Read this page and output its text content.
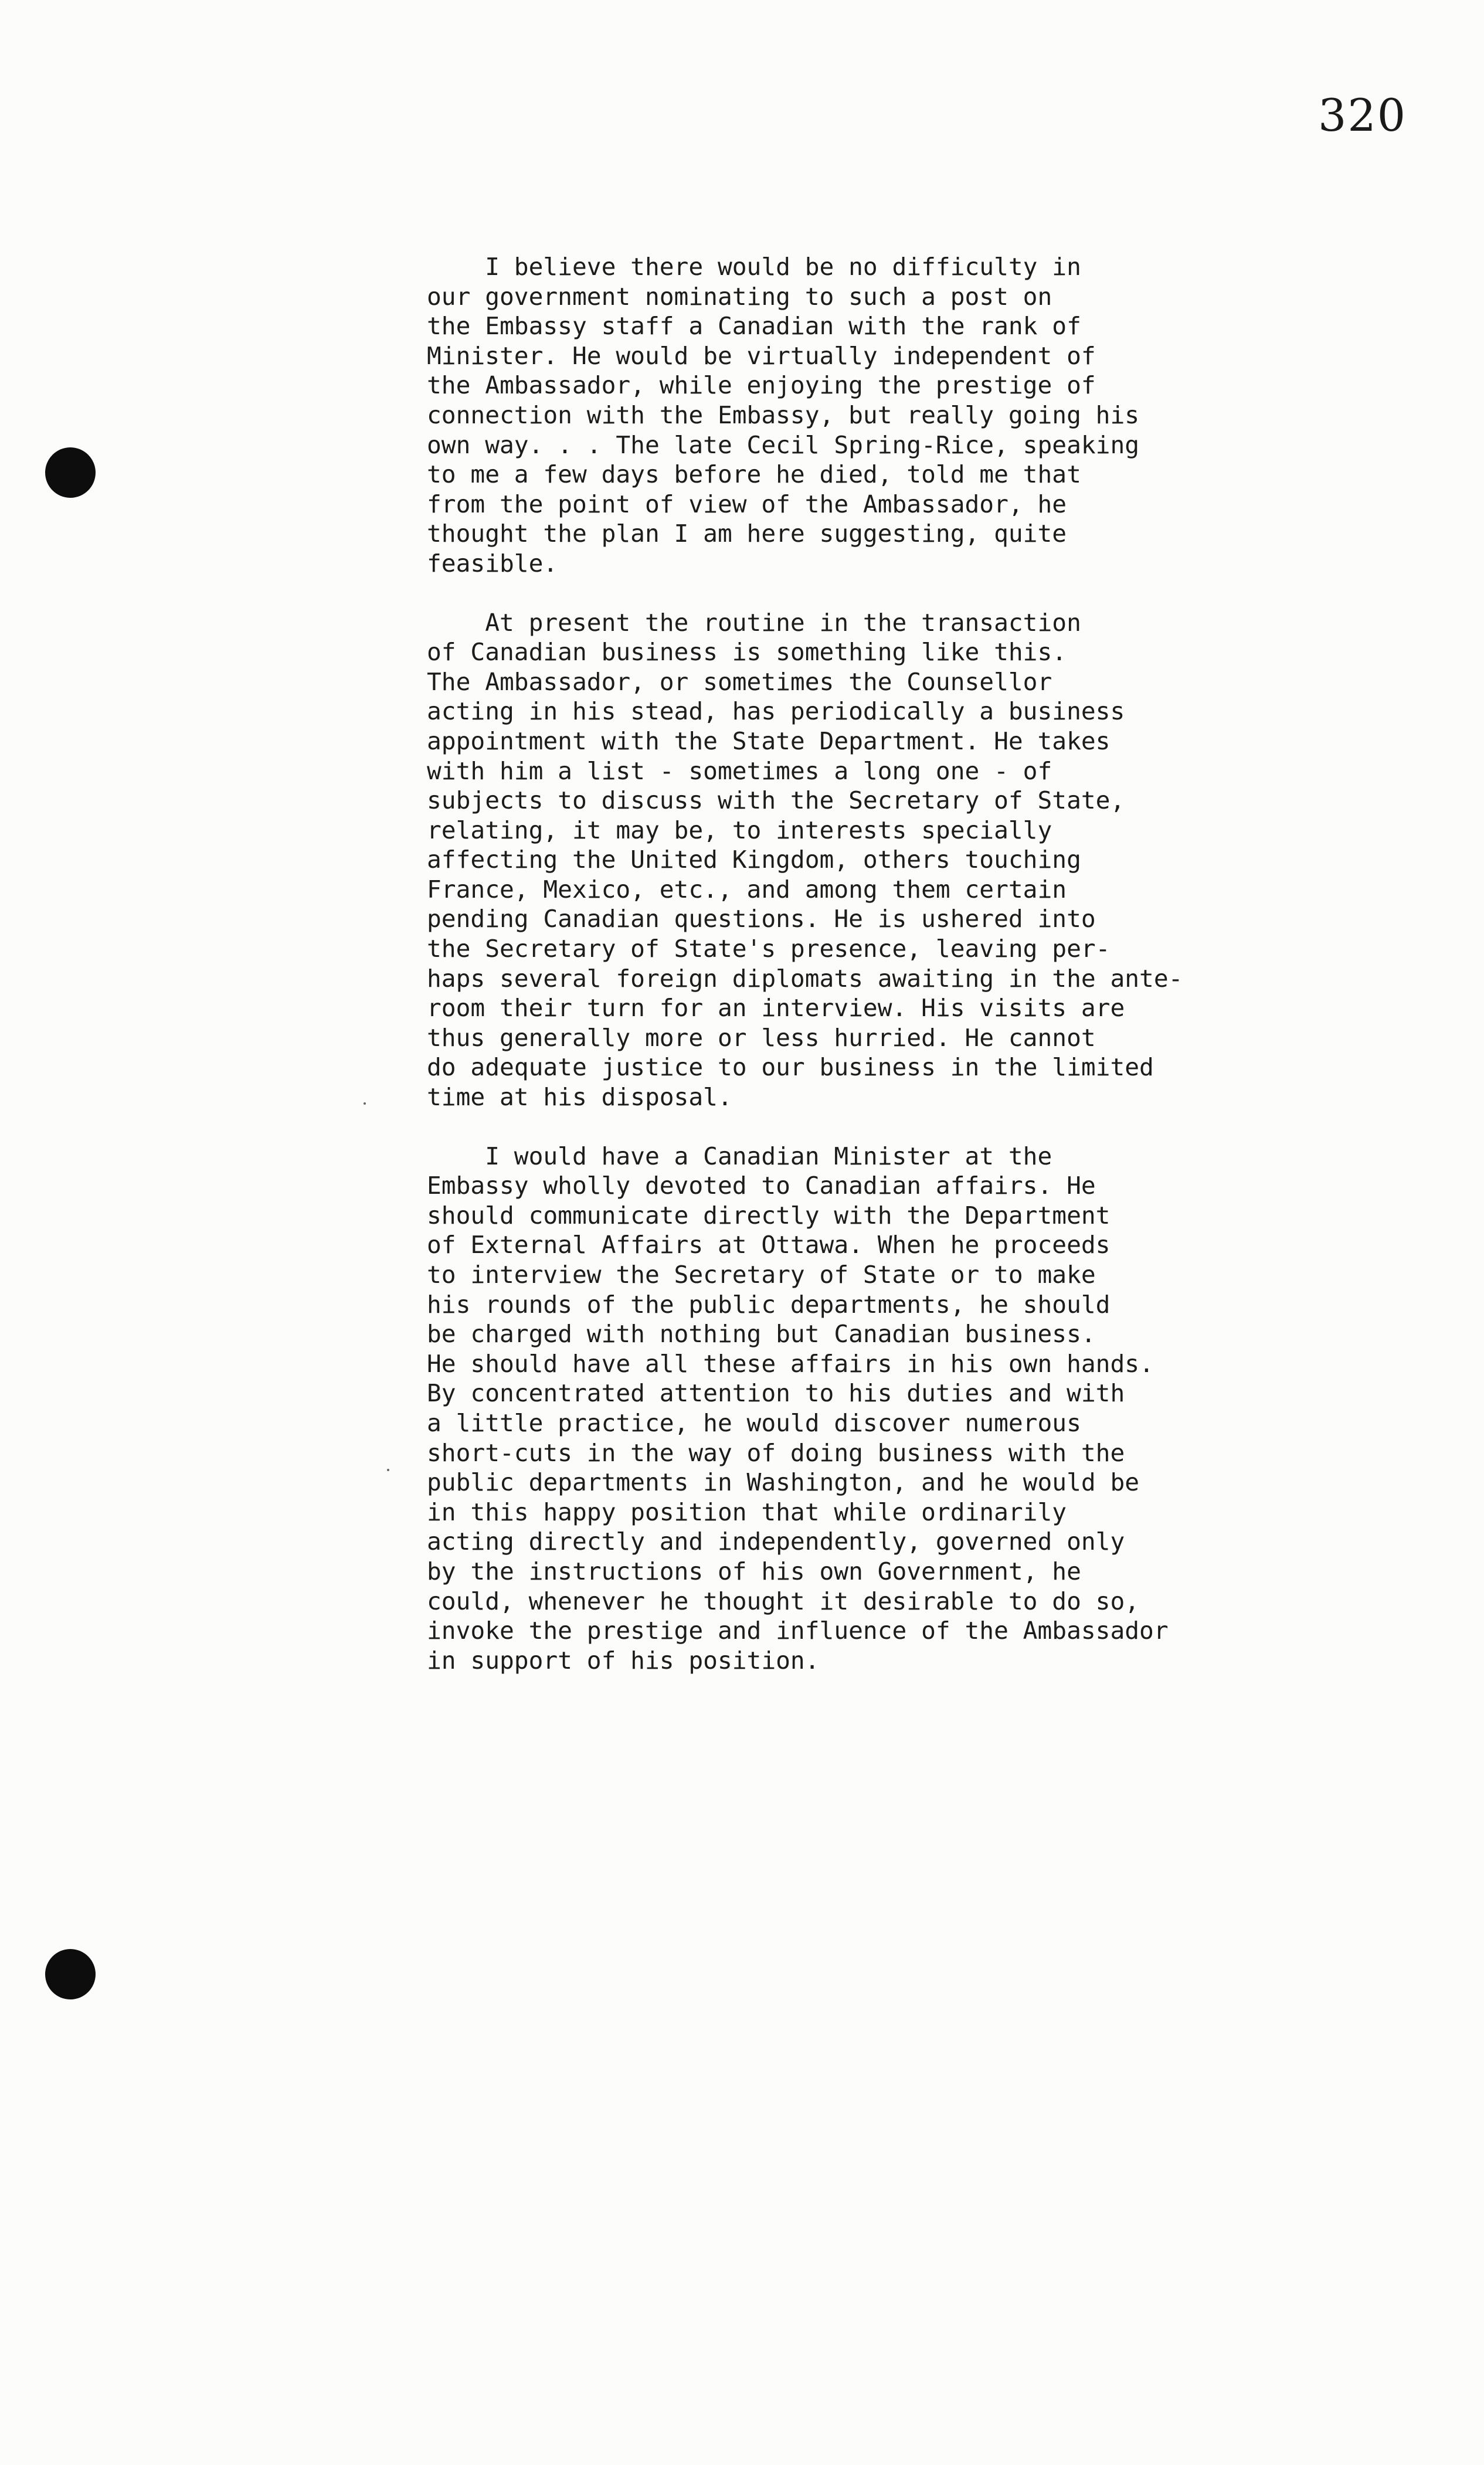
320
I believe there would be no difficulty in
our government nominating to such a post on
the Embassy staff a Canadian with the rank of
Minister. He would be virtually independent of
the Ambassador, while enjoying the prestige of
connection with the Embassy, but really going his
own way. . . The late Cecil Spring-Rice, speaking
to me a few days before he died, told me that
from the point of view of the Ambassador, he
thought the plan I am here suggesting, quite
feasible.
At present the routine in the transaction
of Canadian business is something like this.
The Ambassador, or sometimes the Counsellor
acting in his stead, has periodically a business
appointment with the State Department. He takes
with him a list - sometimes a long one - of
subjects to discuss with the Secretary of State,
relating, it may be, to interests specially
affecting the United Kingdom, others touching
France, Mexico, etc., and among them certain
pending Canadian questions. He is ushered into
the Secretary of State's presence, leaving per-
haps several foreign diplomats awaiting in the ante-
room their turn for an interview. His visits are
thus generally more or less hurried. He cannot
do adequate justice to our business in the limited
time at his disposal.
I would have a Canadian Minister at the
Embassy wholly devoted to Canadian affairs. He
should communicate directly with the Department
of External Affairs at Ottawa. When he proceeds
to interview the Secretary of State or to make
his rounds of the public departments, he should
be charged with nothing but Canadian business.
He should have all these affairs in his own hands.
By concentrated attention to his duties and with
a little practice, he would discover numerous
short-cuts in the way of doing business with the
public departments in Washington, and he would be
in this happy position that while ordinarily
acting directly and independently, governed only
by the instructions of his own Government, he
could, whenever he thought it desirable to do so,
invoke the prestige and influence of the Ambassador
in support of his position.
